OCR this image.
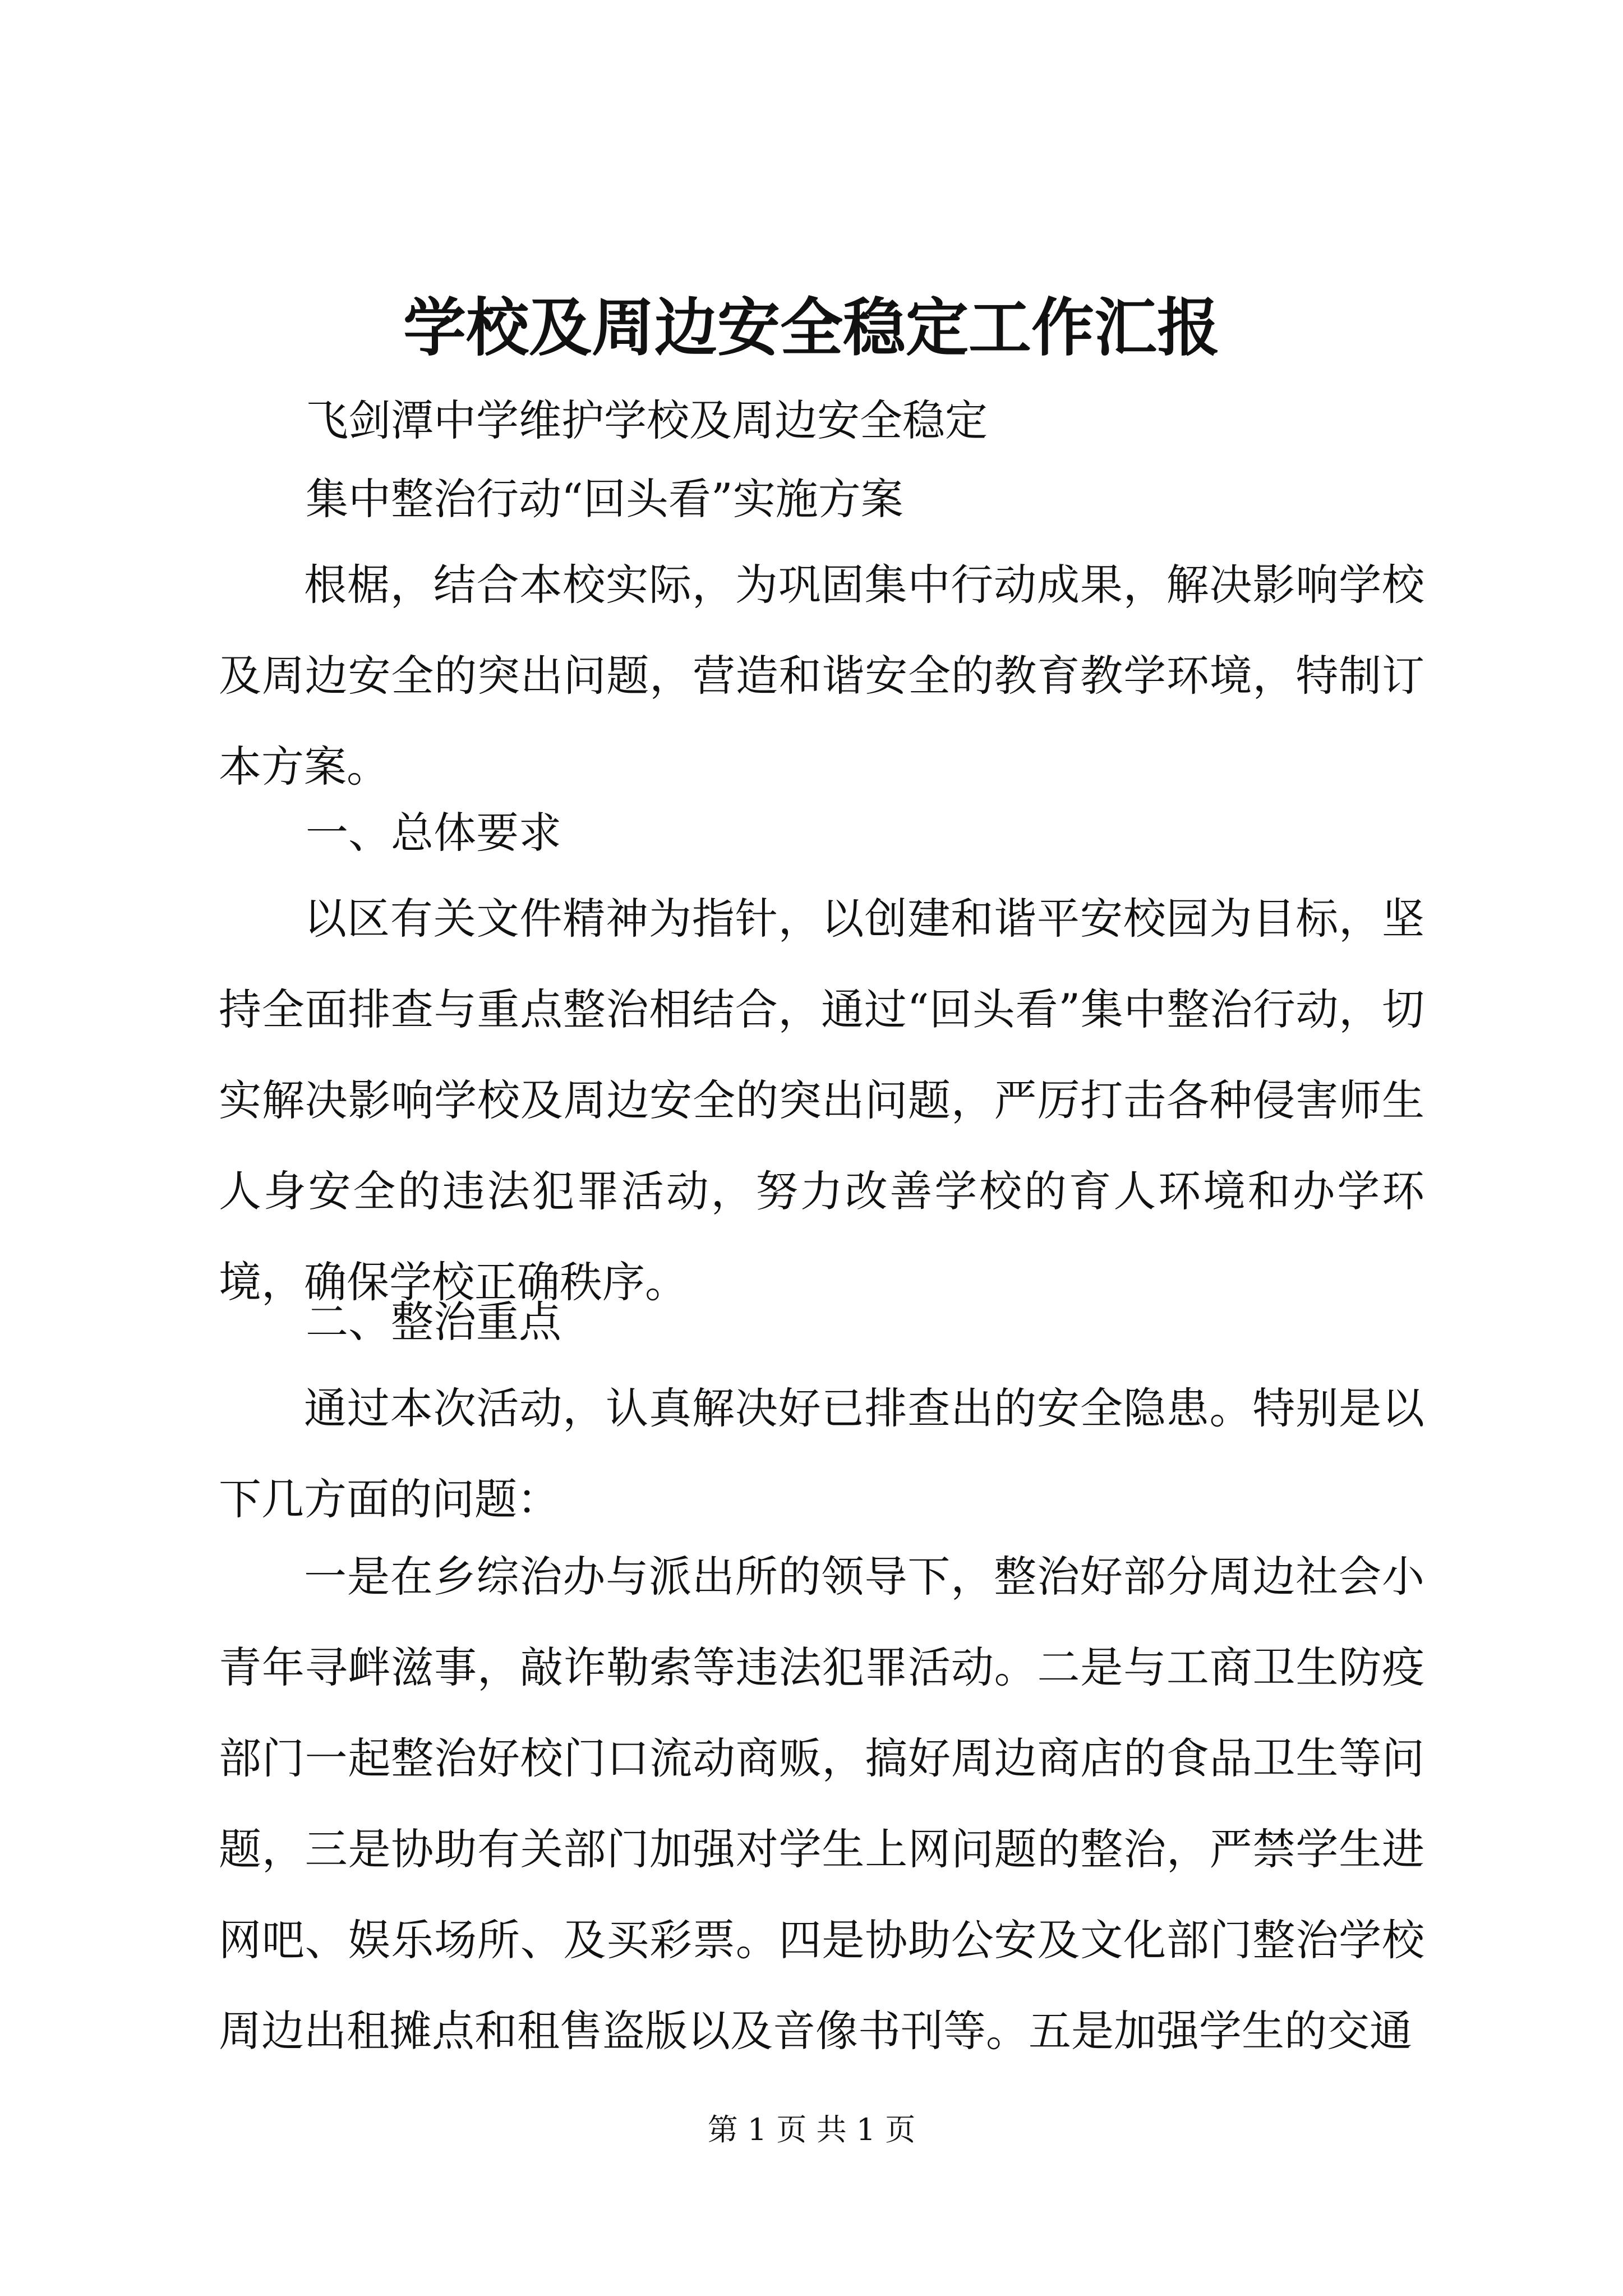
学校及周边安全稳定工作汇报

飞剑潭中学维护学校及周边安全稳定

集中整治行动“回头看”实施方案

根椐，结合本校实际，为巩固集中行动成果，解决影响学校及周边安全的突出问题，营造和谐安全的教育教学环境，特制订本方案。

一、总体要求

以区有关文件精神为指针，以创建和谐平安校园为目标，坚持全面排查与重点整治相结合，通过“回头看”集中整治行动，切实解决影响学校及周边安全的突出问题，严厉打击各种侵害师生人身安全的违法犯罪活动，努力改善学校的育人环境和办学环境，确保学校正确秩序。

二、整治重点

通过本次活动，认真解决好已排查出的安全隐患。特别是以下几方面的问题：

一是在乡综治办与派出所的领导下，整治好部分周边社会小青年寻衅滋事，敲诈勒索等违法犯罪活动。二是与工商卫生防疫部门一起整治好校门口流动商贩，搞好周边商店的食品卫生等问题，三是协助有关部门加强对学生上网问题的整治，严禁学生进网吧、娱乐场所、及买彩票。四是协助公安及文化部门整治学校周边出租摊点和租售盗版以及音像书刊等。五是加强学生的交通

第 1 页 共 1 页
